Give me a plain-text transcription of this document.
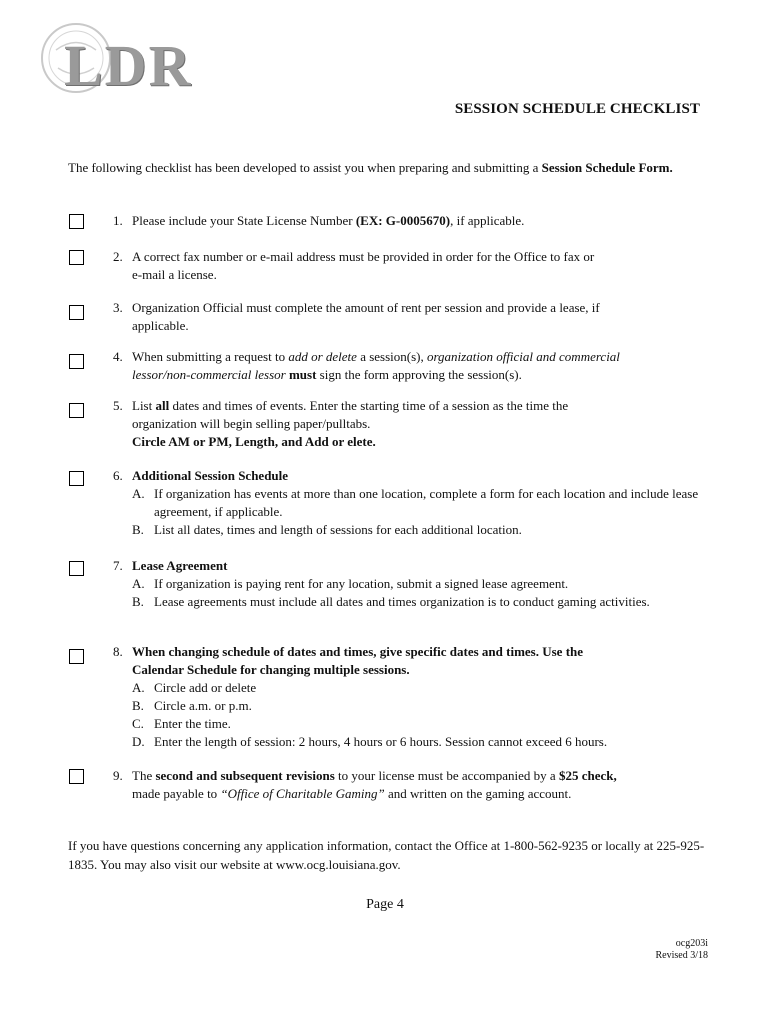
LDR
SESSION SCHEDULE CHECKLIST
The following checklist has been developed to assist you when preparing and submitting a Session Schedule Form.
1. Please include your State License Number (EX: G-0005670), if applicable.
2. A correct fax number or e-mail address must be provided in order for the Office to fax or
e-mail a license.
3. Organization Official must complete the amount of rent per session and provide a lease, if
applicable.
4. When submitting a request to add or delete a session(s), organization official and commercial
lessor/non-commercial lessor must sign the form approving the session(s).
5. List all dates and times of events. Enter the starting time of a session as the time the
organization will begin selling paper/pulltabs.
Circle AM or PM, Length, and Add or elete.
6. Additional Session Schedule
A. If organization has events at more than one location, complete a form for each location and include lease agreement, if applicable.
B. List all dates, times and length of sessions for each additional location.
7. Lease Agreement
A. If organization is paying rent for any location, submit a signed lease agreement.
B. Lease agreements must include all dates and times organization is to conduct gaming activities.
8. When changing schedule of dates and times, give specific dates and times. Use the
Calendar Schedule for changing multiple sessions.
A. Circle add or delete
B. Circle a.m. or p.m.
C. Enter the time.
D. Enter the length of session: 2 hours, 4 hours or 6 hours. Session cannot exceed 6 hours.
9. The second and subsequent revisions to your license must be accompanied by a $25 check,
made payable to “Office of Charitable Gaming” and written on the gaming account.
If you have questions concerning any application information, contact the Office at 1-800-562-9235 or locally at 225-925-1835. You may also visit our website at www.ocg.louisiana.gov.
Page 4
ocg203i
Revised 3/18
